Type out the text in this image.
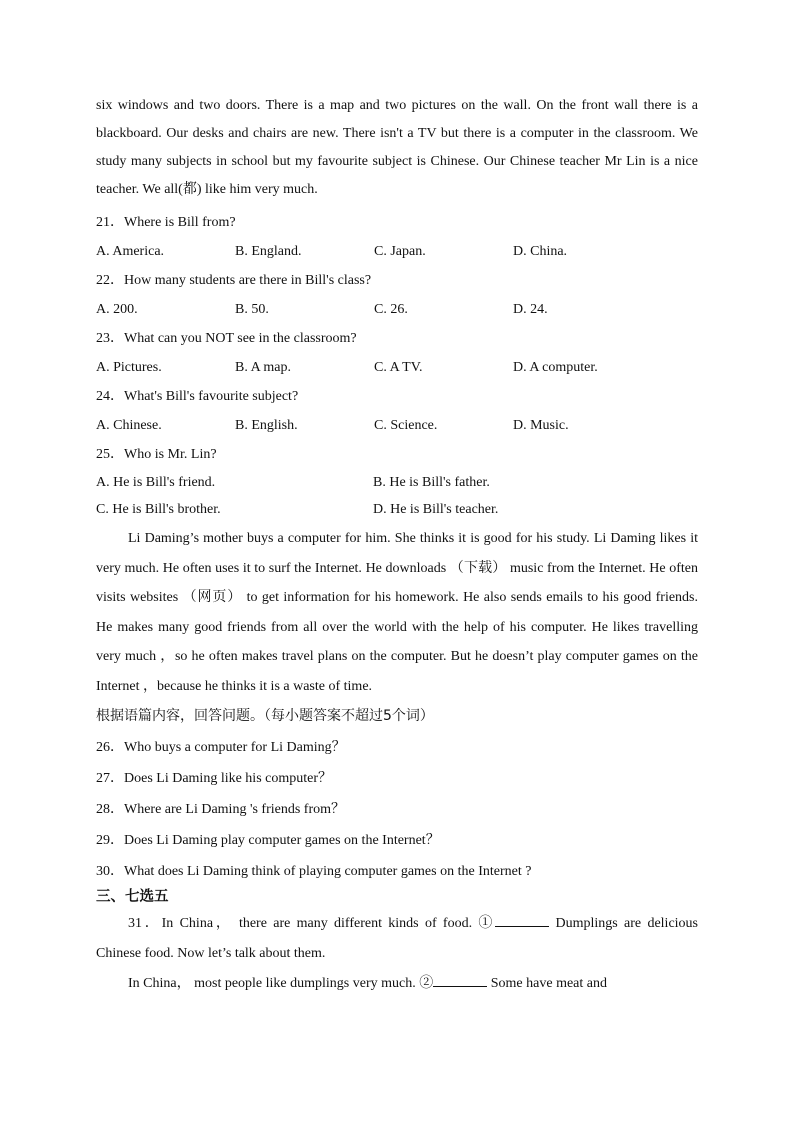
six windows and two doors. There is a map and two pictures on the wall. On the front wall there is a blackboard. Our desks and chairs are new. There isn't a TV but there is a computer in the classroom. We study many subjects in school but my favourite subject is Chinese. Our Chinese teacher Mr Lin is a nice teacher. We all(都) like him very much.

21．Where is Bill from?
A. America.	B. England.	C. Japan.	D. China.
22．How many students are there in Bill's class?
A. 200.	B. 50.	C. 26.	D. 24.
23．What can you NOT see in the classroom?
A. Pictures.	B. A map.	C. A TV.	D. A computer.
24．What's Bill's favourite subject?
A. Chinese.	B. English.	C. Science.	D. Music.
25．Who is Mr. Lin?
A. He is Bill's friend.	B. He is Bill's father.
C. He is Bill's brother.	D. He is Bill's teacher.

Li Daming’s mother buys a computer for him. She thinks it is good for his study. Li Daming likes it very much. He often uses it to surf the Internet. He downloads （下载） music from the Internet. He often visits websites （网页） to get information for his homework. He also sends emails to his good friends. He makes many good friends from all over the world with the help of his computer. He likes travelling very much ，so he often makes travel plans on the computer. But he doesn’t play computer games on the Internet ，because he thinks it is a waste of time.

根据语篇内容，回答问题。（每小题答案不超过5个词）
26．Who buys a computer for Li Daming？
27．Does Li Daming like his computer？
28．Where are Li Daming 's friends from？
29．Does Li Daming play computer games on the Internet？
30．What does Li Daming think of playing computer games on the Internet ?
三、七选五

31．In China， there are many different kinds of food. ①	Dumplings are delicious Chinese food. Now let’s talk about them.

In China， most people like dumplings very much. ②	Some have meat and
